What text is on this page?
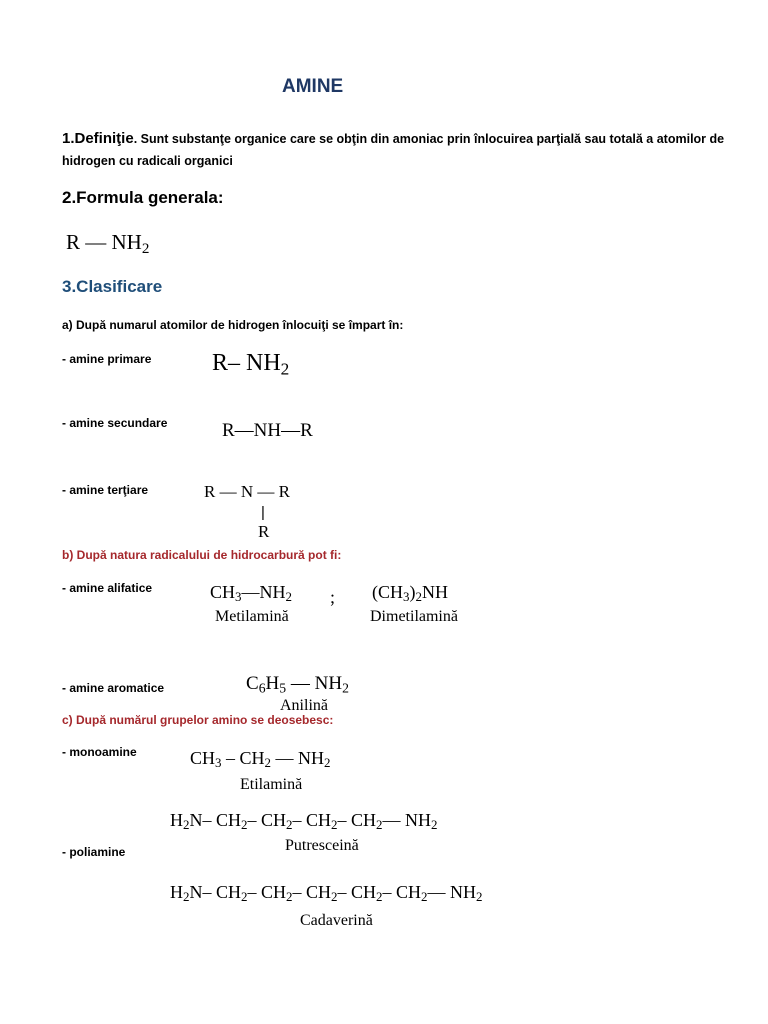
AMINE
1.Definiţie. Sunt substanţe organice care se obţin din amoniac prin înlocuirea parţială sau totală a atomilor de hidrogen cu radicali organici
2.Formula generala:
R — $NH_2$
3.Clasificare
a) După numarul atomilor de hidrogen înlocuiţi se împart în:
- amine primare	R– $NH_2$
- amine secundare	R—NH—R
- amine terţiare	R — N — R
|
R
b) După natura radicalului de hidrocarbură pot fi:
- amine alifatice	$CH_3—NH_2$ ;
Metilamină
$(CH_3)_2NH$
Dimetilamină
- amine aromatice	$C_6H_5$ — $NH_2$
Anilină
c) După numărul grupelor amino se deosebesc:
- monoamine	$CH_3 - CH_2$ — $NH_2$
Etilamină
$H_2N-$ $CH_2-$ $CH_2-$ $CH_2-$ $CH_2—$ $NH_2$
Putresceină
- poliamine
$H_2N-$ $CH_2-$ $CH_2-$ $CH_2-$ $CH_2-$ $CH_2—$ $NH_2$
Cadaverină
